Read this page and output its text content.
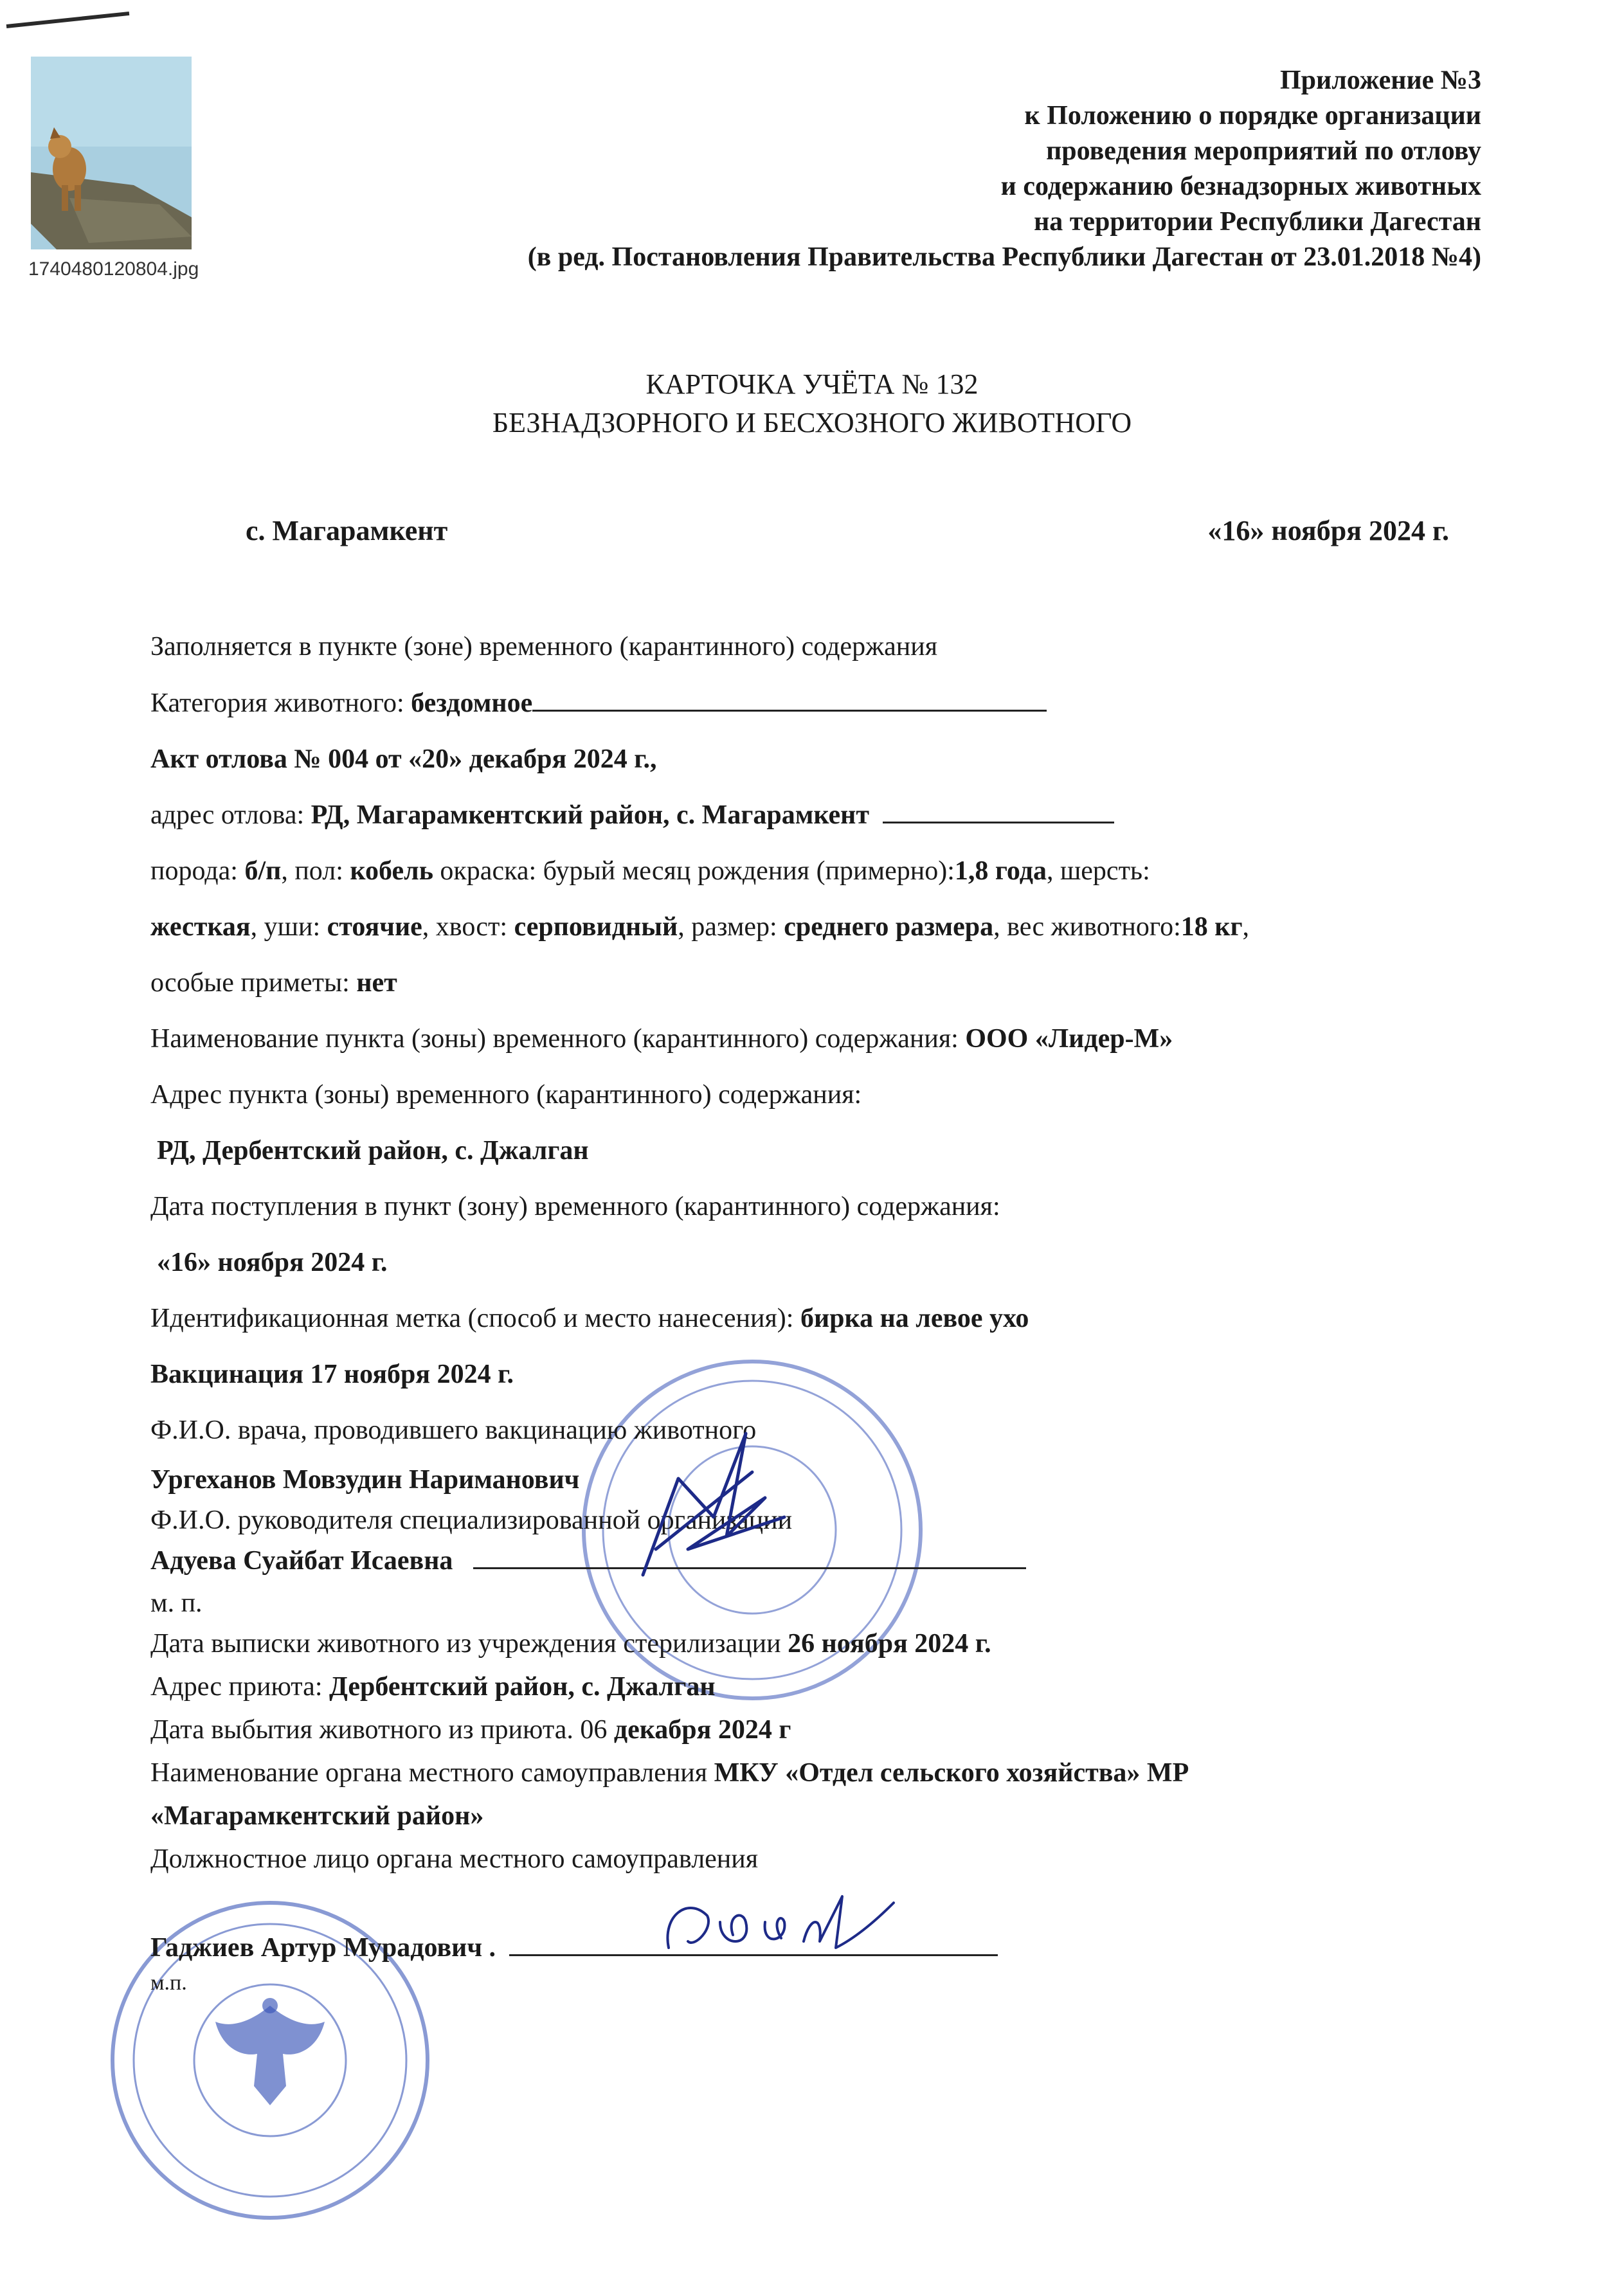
1740480120804.jpg
Приложение №3
к Положению о порядке организации
проведения мероприятий по отлову
и содержанию безнадзорных животных
на территории Республики Дагестан
(в ред. Постановления Правительства Республики Дагестан от 23.01.2018 №4)
КАРТОЧКА УЧЁТА № 132
БЕЗНАДЗОРНОГО И БЕСХОЗНОГО ЖИВОТНОГО
с. Магарамкент	«16» ноября 2024 г.
Заполняется в пункте (зоне) временного (карантинного) содержания
Категория животного: бездомное
Акт отлова № 004 от «20» декабря 2024 г.,
адрес отлова: РД, Магарамкентский район, с. Магарамкент
порода: б/п, пол: кобель окраска: бурый месяц рождения (примерно):1,8 года, шерсть:
жесткая, уши: стоячие, хвост: серповидный, размер: среднего размера, вес животного:18 кг,
особые приметы: нет
Наименование пункта (зоны) временного (карантинного) содержания: ООО «Лидер-М»
Адрес пункта (зоны) временного (карантинного) содержания:
РД, Дербентский район, с. Джалган
Дата поступления в пункт (зону) временного (карантинного) содержания:
«16» ноября 2024 г.
Идентификационная метка (способ и место нанесения): бирка на левое ухо
Вакцинация 17 ноября 2024 г.
Ф.И.О. врача, проводившего вакцинацию животного
Ургеханов Мовзудин Нариманович
Ф.И.О. руководителя специализированной организации
Адуева Суайбат Исаевна
м. п.
Дата выписки животного из учреждения стерилизации 26 ноября 2024 г.
Адрес приюта: Дербентский район, с. Джалган
Дата выбытия животного из приюта. 06 декабря 2024 г
Наименование органа местного самоуправления МКУ «Отдел сельского хозяйства» МР
«Магарамкентский район»
Должностное лицо органа местного самоуправления
Гаджиев Артур Мурадович .
м.п.
